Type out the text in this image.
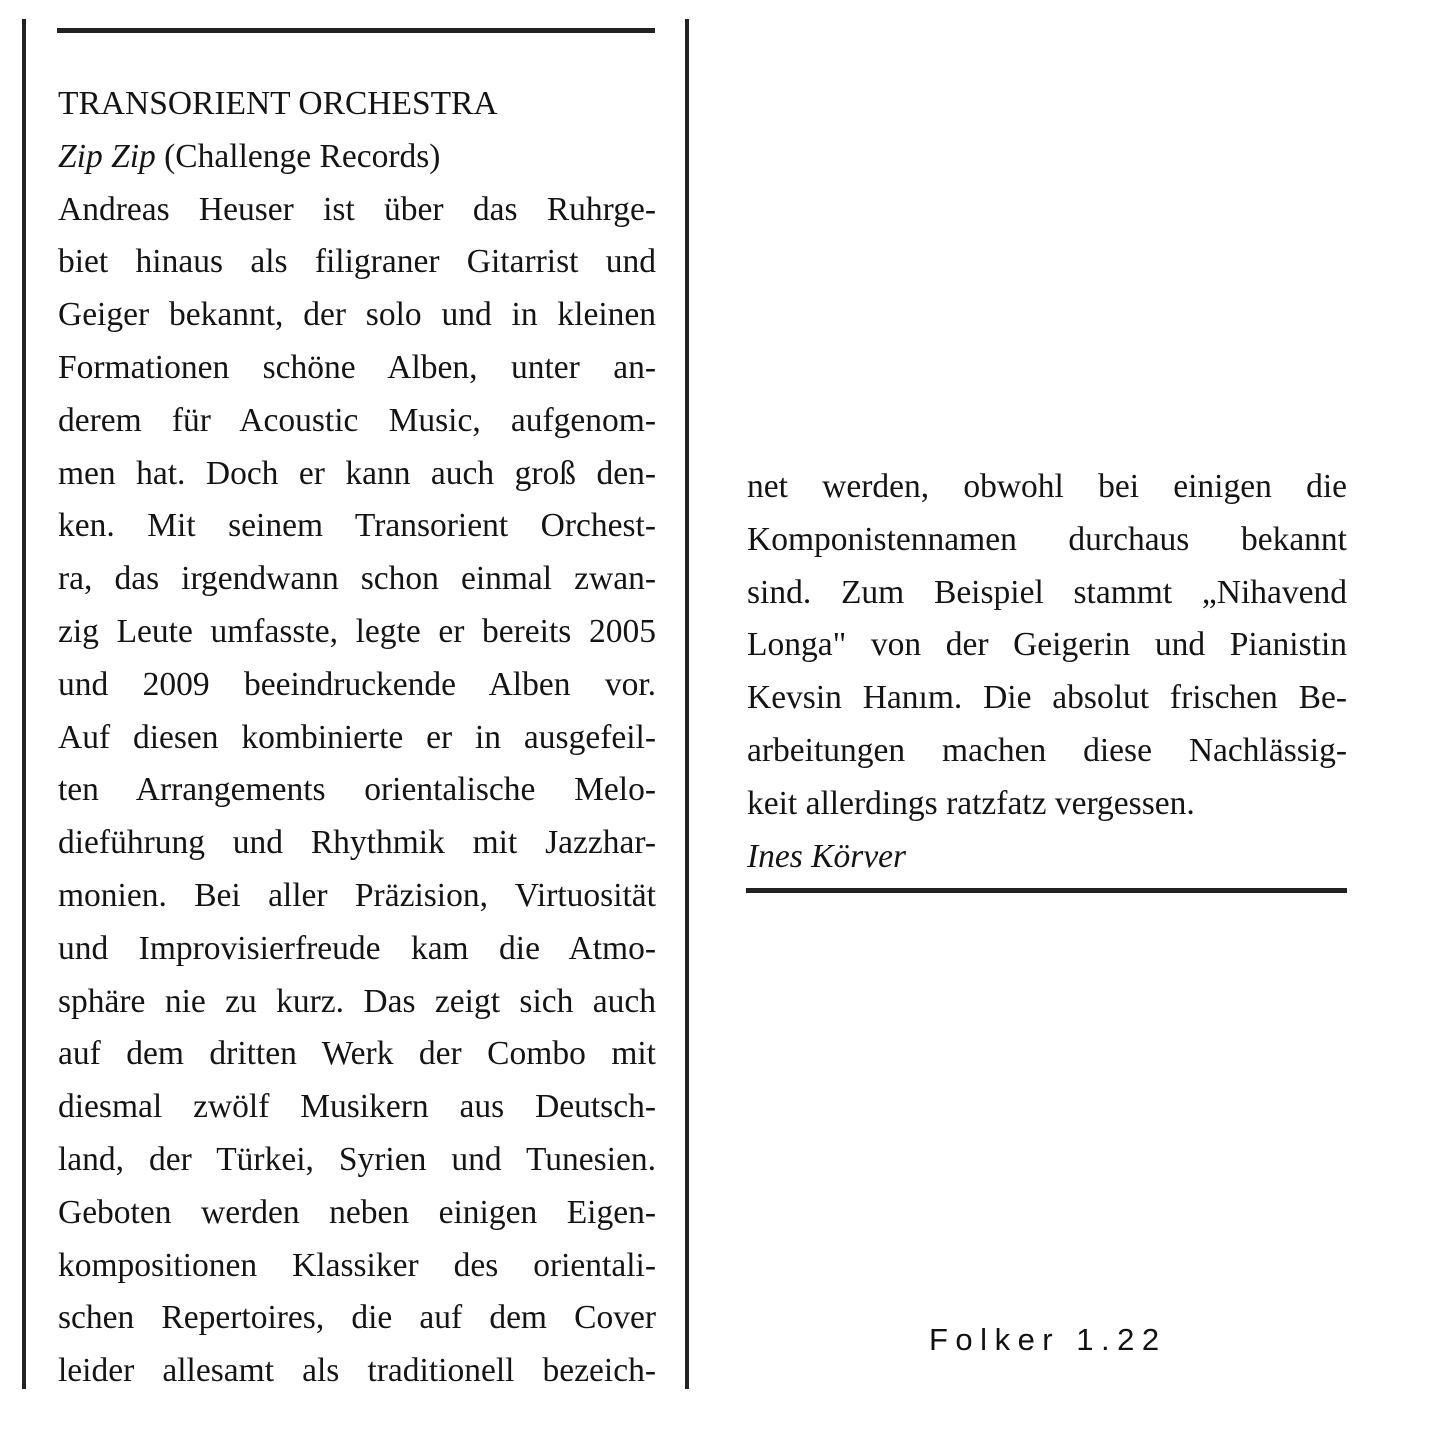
TRANSORIENT ORCHESTRA
Zip Zip (Challenge Records)
Andreas Heuser ist über das Ruhrge-
biet hinaus als filigraner Gitarrist und
Geiger bekannt, der solo und in kleinen
Formationen schöne Alben, unter an-
derem für Acoustic Music, aufgenom-
men hat. Doch er kann auch groß den-
ken. Mit seinem Transorient Orchest-
ra, das irgendwann schon einmal zwan-
zig Leute umfasste, legte er bereits 2005
und 2009 beeindruckende Alben vor.
Auf diesen kombinierte er in ausgefeil-
ten Arrangements orientalische Melo-
dieführung und Rhythmik mit Jazzhar-
monien. Bei aller Präzision, Virtuosität
und Improvisierfreude kam die Atmo-
sphäre nie zu kurz. Das zeigt sich auch
auf dem dritten Werk der Combo mit
diesmal zwölf Musikern aus Deutsch-
land, der Türkei, Syrien und Tunesien.
Geboten werden neben einigen Eigen-
kompositionen Klassiker des orientali-
schen Repertoires, die auf dem Cover
leider allesamt als traditionell bezeich-
net werden, obwohl bei einigen die
Komponistennamen durchaus bekannt
sind. Zum Beispiel stammt „Nihavend
Longa" von der Geigerin und Pianistin
Kevsin Hanım. Die absolut frischen Be-
arbeitungen machen diese Nachlässig-
keit allerdings ratzfatz vergessen.
Ines Körver
Folker 1.22
